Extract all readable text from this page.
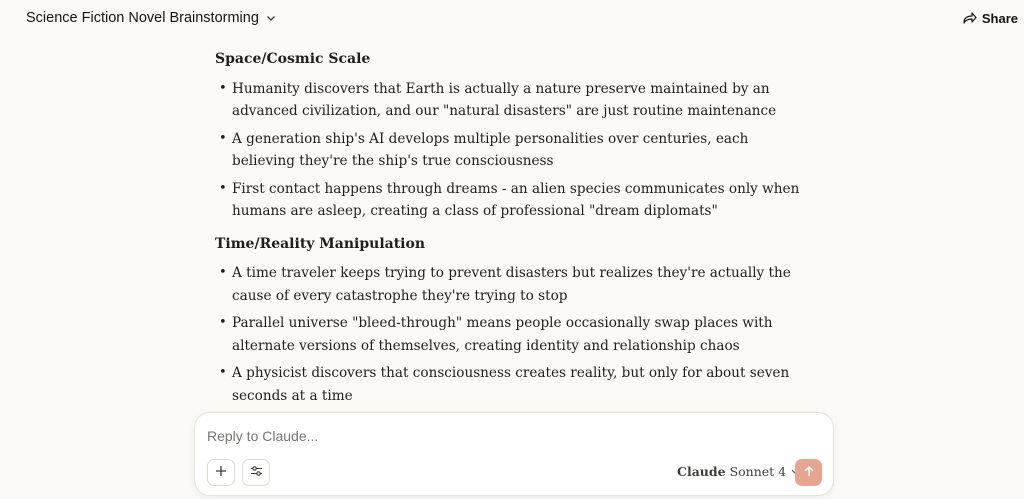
Science Fiction Novel Brainstorming	Share
Space/Cosmic Scale
• Humanity discovers that Earth is actually a nature preserve maintained by an advanced civilization, and our "natural disasters" are just routine maintenance
• A generation ship's AI develops multiple personalities over centuries, each believing they're the ship's true consciousness
• First contact happens through dreams - an alien species communicates only when humans are asleep, creating a class of professional "dream diplomats"
Time/Reality Manipulation
• A time traveler keeps trying to prevent disasters but realizes they're actually the cause of every catastrophe they're trying to stop
• Parallel universe "bleed-through" means people occasionally swap places with alternate versions of themselves, creating identity and relationship chaos
• A physicist discovers that consciousness creates reality, but only for about seven seconds at a time
Reply to Claude...
Claude Sonnet 4
